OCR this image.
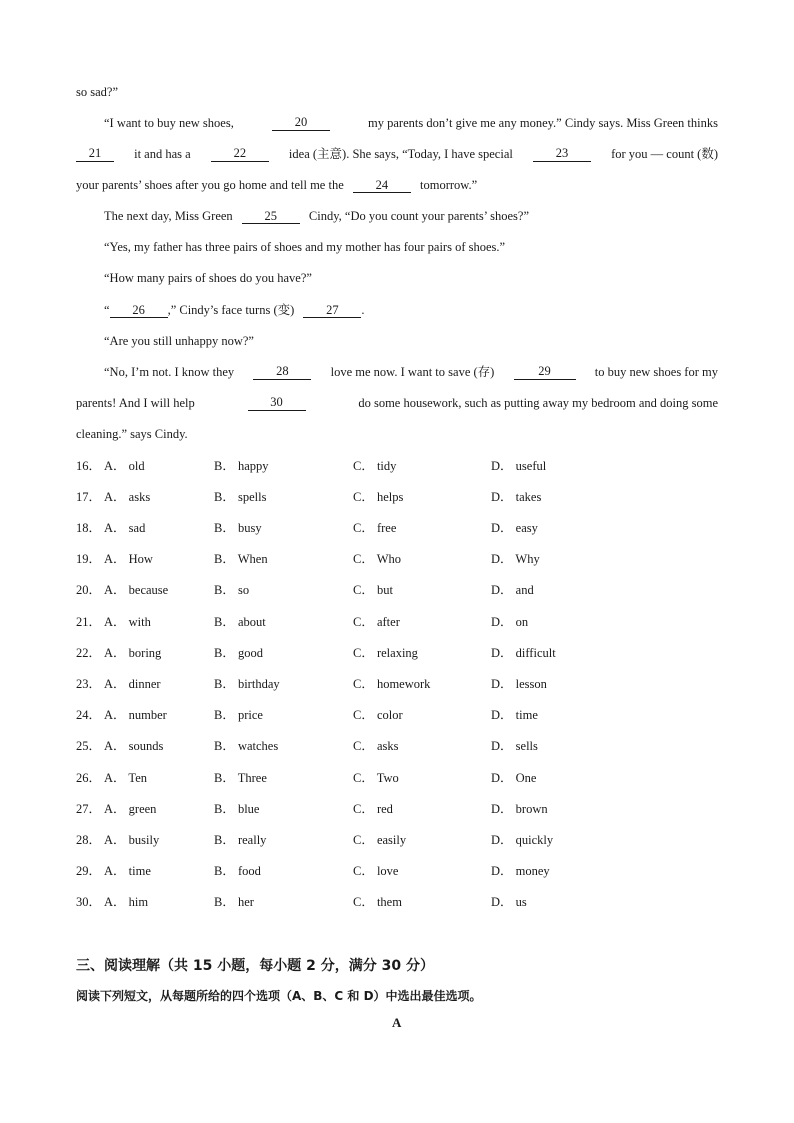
so sad?”
“I want to buy new shoes,	20	my parents don’t give me any money.” Cindy says. Miss Green thinks
21	it and has a	22	idea (主意). She says, “Today, I have special	23	for you — count (数)
your parents’ shoes after you go home and tell me the	24	tomorrow.”
The next day, Miss Green	25	Cindy, “Do you count your parents’ shoes?”
“Yes, my father has three pairs of shoes and my mother has four pairs of shoes.”
“How many pairs of shoes do you have?”
“ 26 ,” Cindy’s face turns (变)	27 .
“Are you still unhappy now?”
“No, I’m not. I know they	28	love me now. I want to save (存)	29	to buy new shoes for my
parents! And I will help	30	do some housework, such as putting away my bedroom and doing some
cleaning.” says Cindy.
16． A． old	B． happy	C． tidy	D． useful
17． A． asks	B． spells	C． helps	D． takes
18． A． sad	B． busy	C． free	D． easy
19． A． How	B． When	C． Who	D． Why
20． A． because	B． so	C． but	D． and
21． A． with	B． about	C． after	D． on
22． A． boring	B． good	C． relaxing	D． difficult
23． A． dinner	B． birthday	C． homework	D． lesson
24． A． number	B． price	C． color	D． time
25． A． sounds	B． watches	C． asks	D． sells
26． A． Ten	B． Three	C． Two	D． One
27． A． green	B． blue	C． red	D． brown
28． A． busily	B． really	C． easily	D． quickly
29． A． time	B． food	C． love	D． money
30． A． him	B． her	C． them	D． us
三、阅读理解（共 15 小题，每小题 2 分，满分 30 分）
阅读下列短文，从每题所给的四个选项（A、B、C 和 D）中选出最佳选项。
A
